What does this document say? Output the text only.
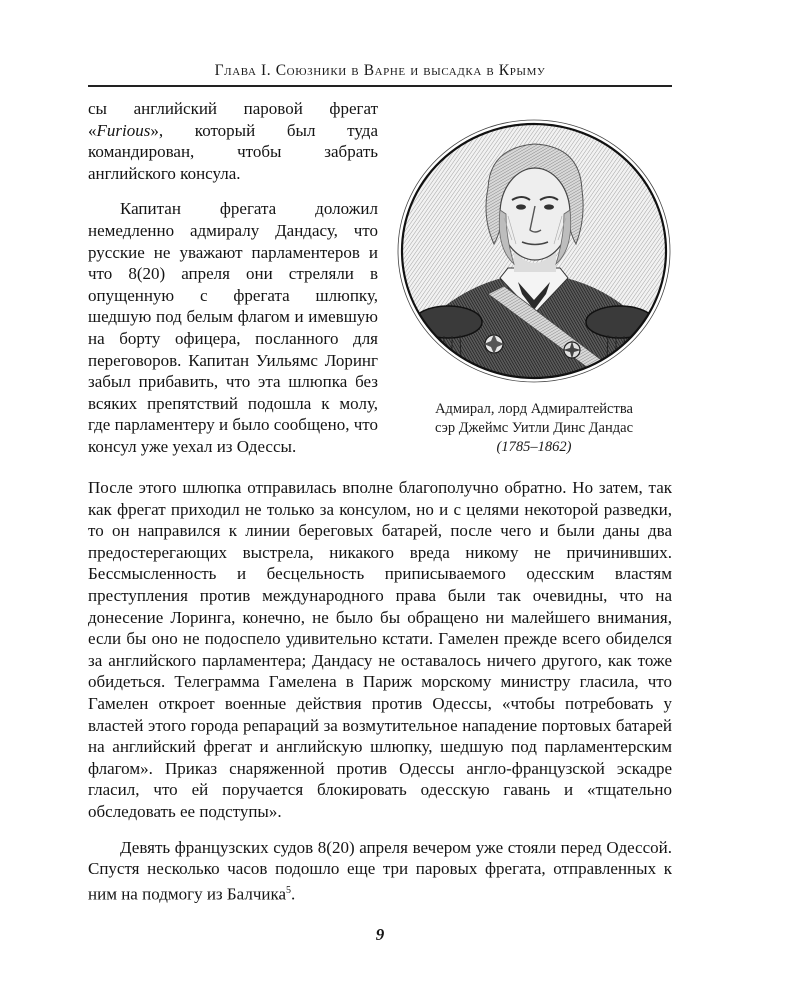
Глава I. Союзники в Варне и высадка в Крыму

сы английский паровой фрегат «Furious», который был туда командирован, чтобы забрать английского консула.

Капитан фрегата доложил немедленно адмиралу Дандасу, что русские не уважают парламентеров и что 8(20) апреля они стреляли в опущенную с фрегата шлюпку, шедшую под белым флагом и имевшую на борту офицера, посланного для переговоров. Капитан Уильямс Лоринг забыл прибавить, что эта шлюпка без всяких препятствий подошла к молу, где парламентеру и было сообщено, что консул уже уехал из Одессы.

Адмирал, лорд Адмиралтейства
сэр Джеймс Уитли Динс Дандас
(1785–1862)

После этого шлюпка отправилась вполне благополучно обратно. Но затем, так как фрегат приходил не только за консулом, но и с целями некоторой разведки, то он направился к линии береговых батарей, после чего и были даны два предостерегающих выстрела, никакого вреда никому не причинивших. Бессмысленность и бесцельность приписываемого одесским властям преступления против международного права были так очевидны, что на донесение Лоринга, конечно, не было бы обращено ни малейшего внимания, если бы оно не подоспело удивительно кстати. Гамелен прежде всего обиделся за английского парламентера; Дандасу не оставалось ничего другого, как тоже обидеться. Телеграмма Гамелена в Париж морскому министру гласила, что Гамелен откроет военные действия против Одессы, «чтобы потребовать у властей этого города репараций за возмутительное нападение портовых батарей на английский фрегат и английскую шлюпку, шедшую под парламентерским флагом». Приказ снаряженной против Одессы англо-французской эскадре гласил, что ей поручается блокировать одесскую гавань и «тщательно обследовать ее подступы».

Девять французских судов 8(20) апреля вечером уже стояли перед Одессой. Спустя несколько часов подошло еще три паровых фрегата, отправленных к ним на подмогу из Балчика$^5$.

9
